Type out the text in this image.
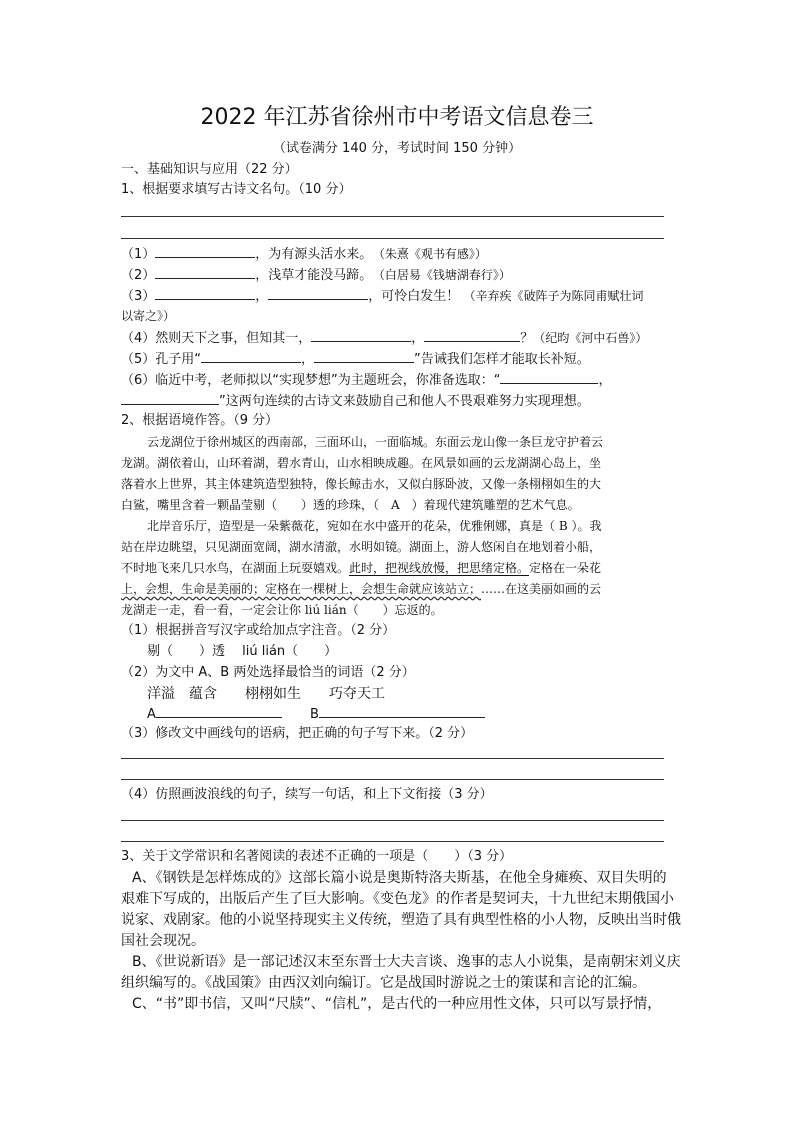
2022 年江苏省徐州市中考语文信息卷三
（试卷满分 140 分，考试时间 150 分钟）
一、基础知识与应用（22 分）
1、根据要求填写古诗文名句。（10 分）
（1）	，为有源头活水来。　 （朱熹《观书有感》）
（2）	，浅草才能没马蹄。　 （白居易《钱塘湖春行》）
（3）	，	，可怜白发生！ （辛弃疾《破阵子为陈同甫赋壮词
以寄之》）
（4）然则天下之事，但知其一，	，	？（纪昀《河中石兽》）
（5）孔子用“	，	”告诫我们怎样才能取长补短。
（6）临近中考，老师拟以“实现梦想”为主题班会，你准备选取：“	，
”这两句连续的古诗文来鼓励自己和他人不畏艰难努力实现理想。
2、根据语境作答。（9 分）
云龙湖位于徐州城区的西南部，三面环山，一面临城。东面云龙山像一条巨龙守护着云
龙湖。湖依着山，山环着湖，碧水青山，山水相映成趣。在风景如画的云龙湖湖心岛上，坐
落着水上世界，其主体建筑造型独特，像长鲸击水，又似白豚卧波，又像一条栩栩如生的大
白鲨，嘴里含着一颗晶莹剔（　　）透的珍珠，（　A　）着现代建筑雕塑的艺术气息。
北岸音乐厅，造型是一朵紫薇花，宛如在水中盛开的花朵，优雅俐娜，真是（ B ）。我
站在岸边眺望，只见湖面宽阔，湖水清澈，水明如镜。湖面上，游人悠闲自在地划着小船，
不时地飞来几只水鸟，在湖面上玩耍嬉戏。此时，把视线放慢，把思绪定格。定格在一朵花
上，会想，生命是美丽的；定格在一棵树上，会想生命就应该站立；……在这美丽如画的云
龙湖走一走，看一看，一定会让你 liú lián（　　）忘返的。
（1）根据拼音写汉字或给加点字注音。（2 分）
剔（　　）透　 liú lián（　　）
（2）为文中 A、B 两处选择最恰当的词语（2 分）
洋溢　蕴含　　栩栩如生　　巧夺天工
A	B
（3）修改文中画线句的语病，把正确的句子写下来。（2 分）
（4）仿照画波浪线的句子，续写一句话，和上下文衔接（3 分）
3、关于文学常识和名著阅读的表述不正确的一项是（　　）（3 分）
A、《钢铁是怎样炼成的》这部长篇小说是奥斯特洛夫斯基，在他全身瘫痪、双目失明的
艰难下写成的，出版后产生了巨大影响。《变色龙》的作者是契诃夫，十九世纪末期俄国小
说家、戏剧家。他的小说坚持现实主义传统，塑造了具有典型性格的小人物，反映出当时俄
国社会现况。
B、《世说新语》是一部记述汉末至东晋士大夫言谈、逸事的志人小说集，是南朝宋刘义庆
组织编写的。《战国策》由西汉刘向编订。它是战国时游说之士的策谋和言论的汇编。
C、“书”即书信，又叫“尺牍”、“信札”，是古代的一种应用性文体，只可以写景抒情，
